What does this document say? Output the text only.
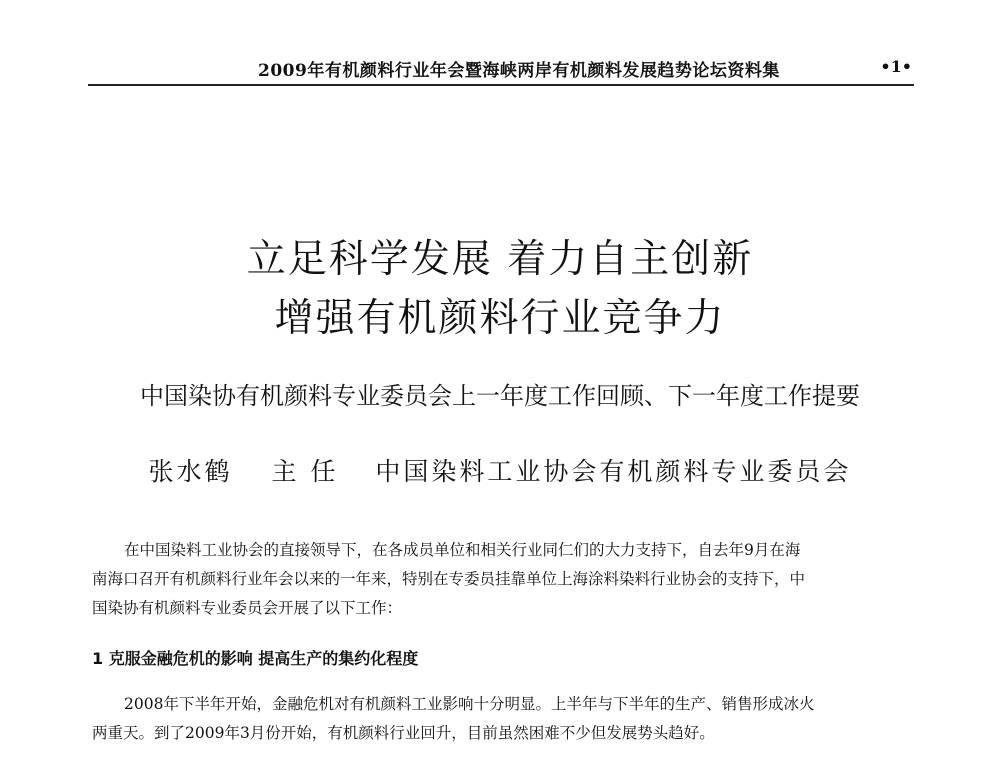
2009年有机颜料行业年会暨海峡两岸有机颜料发展趋势论坛资料集	•1•
立足科学发展 着力自主创新
增强有机颜料行业竞争力
中国染协有机颜料专业委员会上一年度工作回顾、下一年度工作提要
张水鹤 主 任 中国染料工业协会有机颜料专业委员会
在中国染料工业协会的直接领导下，在各成员单位和相关行业同仁们的大力支持下，自去年9月在海
南海口召开有机颜料行业年会以来的一年来，特别在专委员挂靠单位上海涂料染料行业协会的支持下，中
国染协有机颜料专业委员会开展了以下工作：
1 克服金融危机的影响 提高生产的集约化程度
2008年下半年开始，金融危机对有机颜料工业影响十分明显。上半年与下半年的生产、销售形成冰火
两重天。到了2009年3月份开始，有机颜料行业回升，目前虽然困难不少但发展势头趋好。
